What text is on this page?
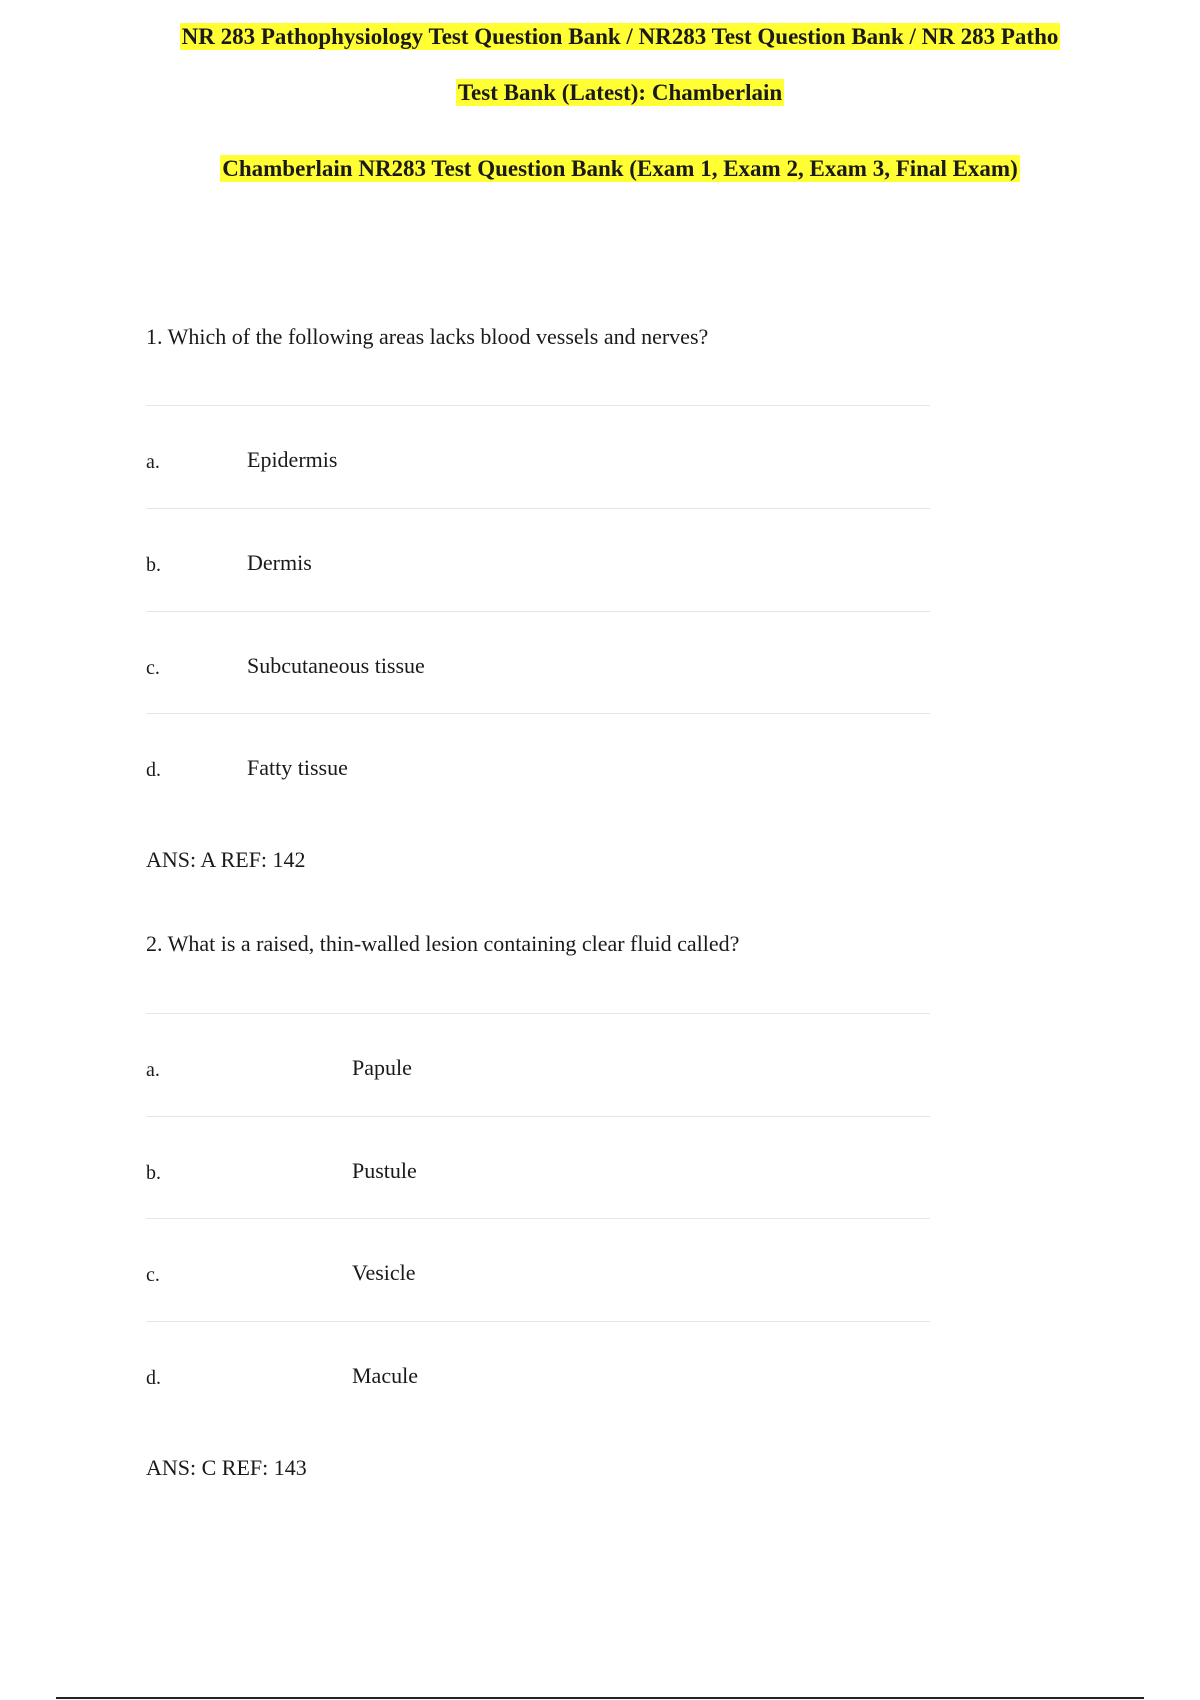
NR 283 Pathophysiology Test Question Bank / NR283 Test Question Bank / NR 283 Patho
Test Bank (Latest): Chamberlain
Chamberlain NR283 Test Question Bank (Exam 1, Exam 2, Exam 3, Final Exam)
1. Which of the following areas lacks blood vessels and nerves?
a.	Epidermis
b.	Dermis
c.	Subcutaneous tissue
d.	Fatty tissue
ANS: A REF: 142
2. What is a raised, thin-walled lesion containing clear fluid called?
a.	Papule
b.	Pustule
c.	Vesicle
d.	Macule
ANS: C REF: 143
